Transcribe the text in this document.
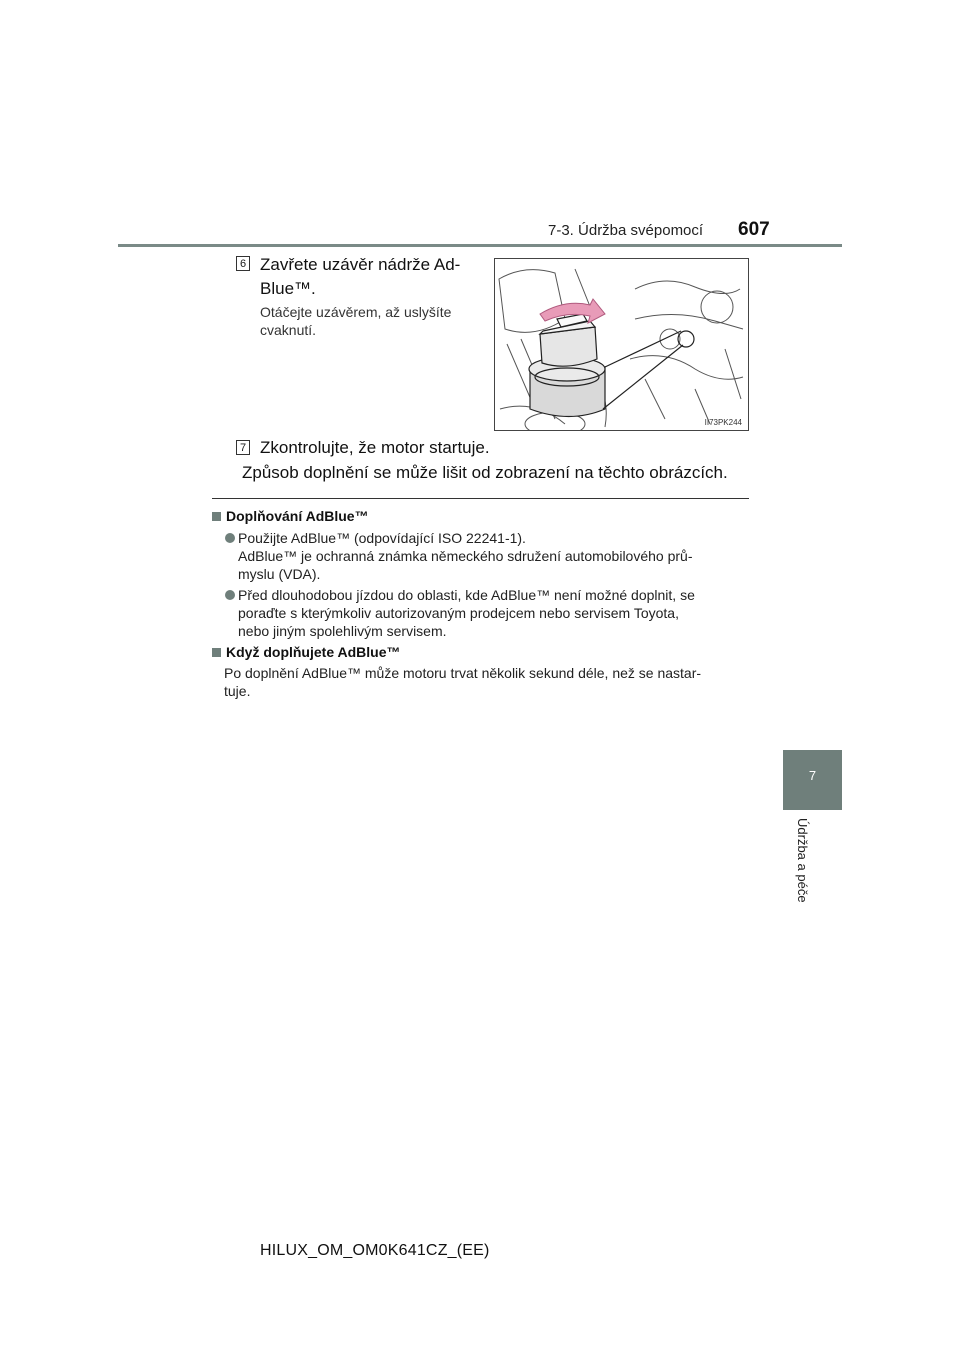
7-3. Údržba svépomocí 607
7
Údržba a péče
6 Zavřete uzávěr nádrže Ad-
Blue™.
Otáčejte uzávěrem, až uslyšíte
cvaknutí.
II73PK244
7 Zkontrolujte, že motor startuje.
Způsob doplnění se může lišit od zobrazení na těchto obrázcích.
Doplňování AdBlue™
Použijte AdBlue™ (odpovídající ISO 22241-1).
AdBlue™ je ochranná známka německého sdružení automobilového prů-
myslu (VDA).
Před dlouhodobou jízdou do oblasti, kde AdBlue™ není možné doplnit, se
poraďte s kterýmkoliv autorizovaným prodejcem nebo servisem Toyota,
nebo jiným spolehlivým servisem.
Když doplňujete AdBlue™
Po doplnění AdBlue™ může motoru trvat několik sekund déle, než se nastar-
tuje.
HILUX_OM_OM0K641CZ_(EE)
